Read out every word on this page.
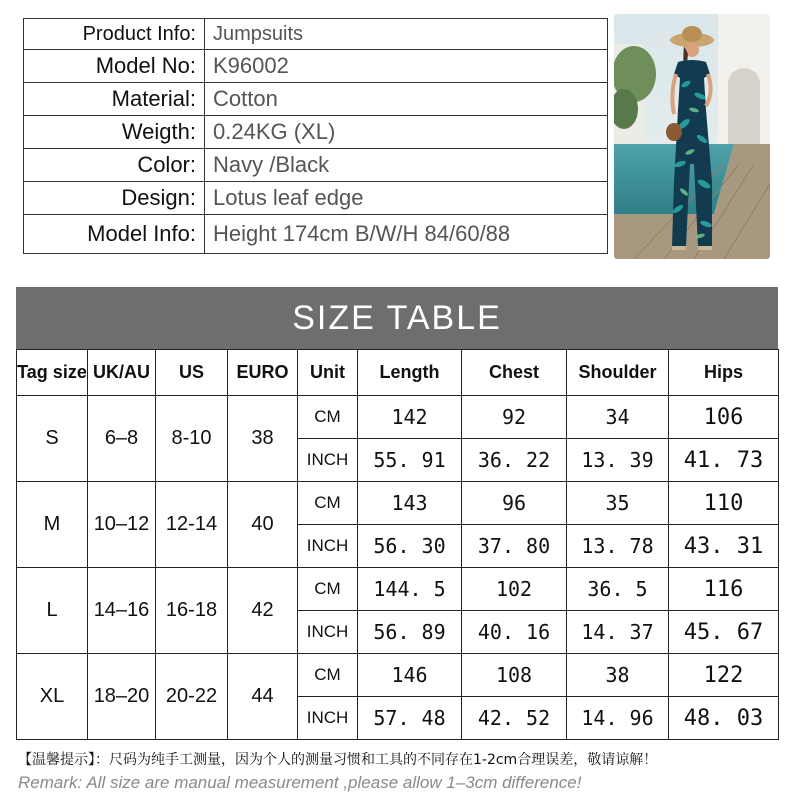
Product Info:	Jumpsuits
Model No:	K96002
Material:	Cotton
Weigth:	0.24KG (XL)
Color:	Navy /Black
Design:	Lotus leaf edge
Model Info:	Height 174cm B/W/H 84/60/88
SIZE TABLE
Tag size	UK/AU	US	EURO	Unit	Length	Chest	Shoulder	Hips
S	6–8	8-10	38	CM	142	92	34	106
				INCH	55. 91	36. 22	13. 39	41. 73
M	10–12	12-14	40	CM	143	96	35	110
				INCH	56. 30	37. 80	13. 78	43. 31
L	14–16	16-18	42	CM	144. 5	102	36. 5	116
				INCH	56. 89	40. 16	14. 37	45. 67
XL	18–20	20-22	44	CM	146	108	38	122
				INCH	57. 48	42. 52	14. 96	48. 03
【温馨提示】：尺码为纯手工测量，因为个人的测量习惯和工具的不同存在1-2cm合理误差，敬请谅解！
Remark: All size are manual measurement ,please allow 1–3cm difference!
